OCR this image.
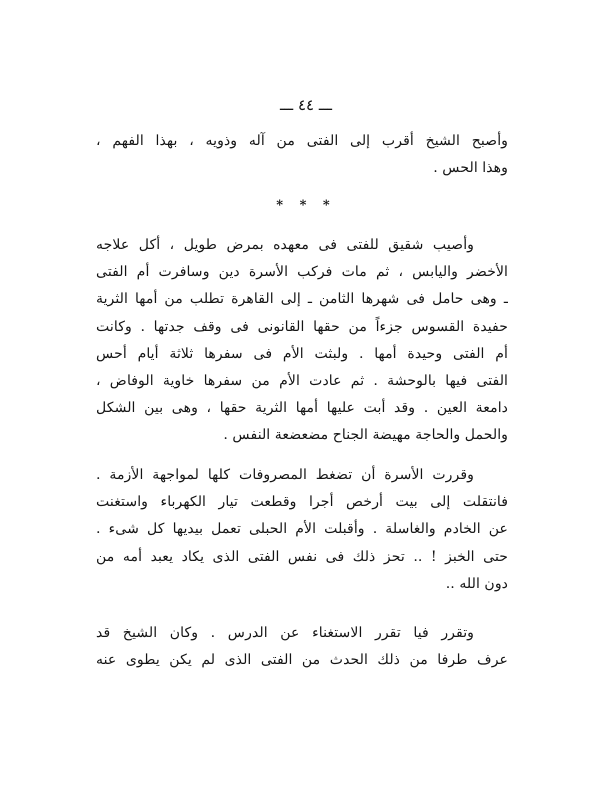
ـــ ٤٤ ـــ
وأصبح الشيخ أقرب إلى الفتى من آله وذويه ، بهذا الفهم ،
وهذا الحس .
* * *
وأصيب شقيق للفتى فى معهده بمرض طويل ، أكل علاجه
الأخضر واليابس ، ثم مات فركب الأسرة دين وسافرت أم الفتى
ـ وهى حامل فى شهرها الثامن ـ إلى القاهرة تطلب من أمها الثرية
حفيدة القسوس جزءاً من حقها القانونى فى وقف جدتها . وكانت
أم الفتى وحيدة أمها . ولبثت الأم فى سفرها ثلاثة أيام أحس
الفتى فيها بالوحشة . ثم عادت الأم من سفرها خاوية الوفاض ،
دامعة العين . وقد أبت عليها أمها الثرية حقها ، وهى بين الشكل
والحمل والحاجة مهيضة الجناح مضعضعة النفس .
وقررت الأسرة أن تضغط المصروفات كلها لمواجهة الأزمة .
فانتقلت إلى بيت أرخص أجرا وقطعت تيار الكهرباء واستغنت
عن الخادم والغاسلة . وأقبلت الأم الحبلى تعمل بيديها كل شىء .
حتى الخبز ! .. تحز ذلك فى نفس الفتى الذى يكاد يعبد أمه من
دون الله ..
وتقرر فيا تقرر الاستغناء عن الدرس . وكان الشيخ قد
عرف طرفا من ذلك الحدث من الفتى الذى لم يكن يطوى عنه
